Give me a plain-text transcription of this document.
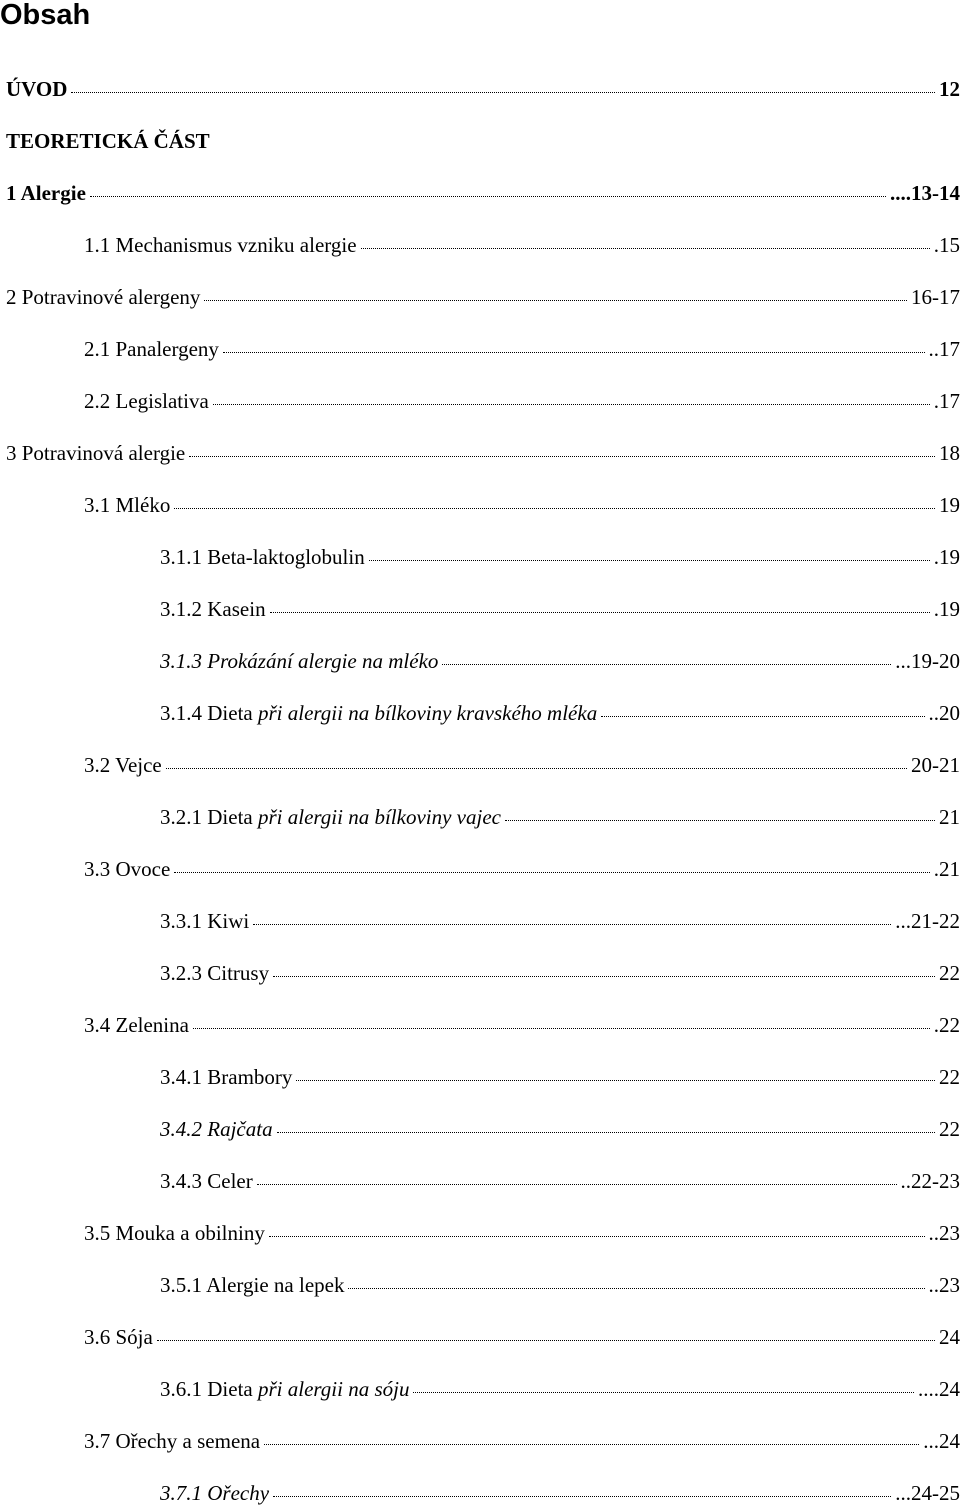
Obsah
ÚVOD	12
TEORETICKÁ ČÁST
1 Alergie	....13-14
1.1 Mechanismus vzniku alergie	.15
2 Potravinové alergeny	16-17
2.1 Panalergeny	..17
2.2 Legislativa	.17
3 Potravinová alergie	18
3.1 Mléko	19
3.1.1 Beta-laktoglobulin	.19
3.1.2 Kasein	.19
3.1.3 Prokázání alergie na mléko	...19-20
3.1.4 Dieta při alergii na bílkoviny kravského mléka	..20
3.2 Vejce	20-21
3.2.1 Dieta při alergii na bílkoviny vajec	21
3.3 Ovoce	.21
3.3.1 Kiwi	...21-22
3.2.3 Citrusy	22
3.4 Zelenina	.22
3.4.1 Brambory	22
3.4.2 Rajčata	22
3.4.3 Celer	..22-23
3.5 Mouka a obilniny	..23
3.5.1 Alergie na lepek	..23
3.6 Sója	24
3.6.1 Dieta při alergii na sóju	....24
3.7 Ořechy a semena	...24
3.7.1 Ořechy	...24-25
